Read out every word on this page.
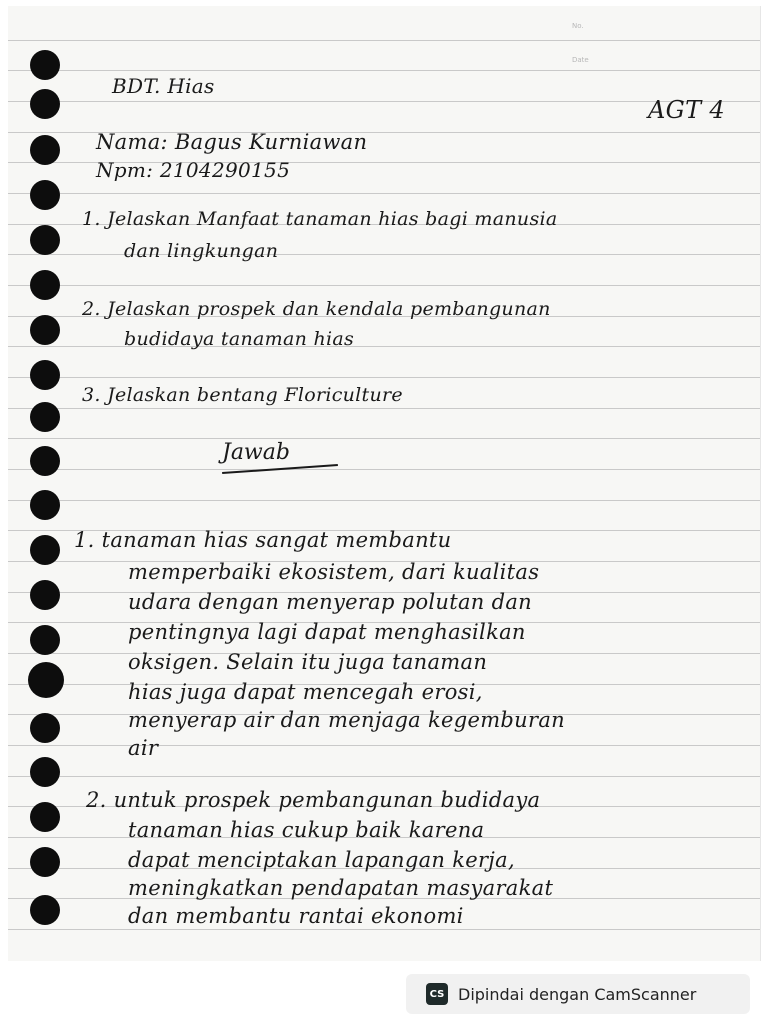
No.
Date
BDT. Hias
AGT 4
Nama: Bagus Kurniawan
Npm: 2104290155
1. Jelaskan Manfaat tanaman hias bagi manusia
dan lingkungan
2. Jelaskan prospek dan kendala pembangunan
budidaya tanaman hias
3. Jelaskan bentang Floriculture
Jawab
1. tanaman hias sangat membantu
memperbaiki ekosistem, dari kualitas
udara dengan menyerap polutan dan
pentingnya lagi dapat menghasilkan
oksigen. Selain itu juga tanaman
hias juga dapat mencegah erosi,
menyerap air dan menjaga kegemburan
air
2. untuk prospek pembangunan budidaya
tanaman hias cukup baik karena
dapat menciptakan lapangan kerja,
meningkatkan pendapatan masyarakat
dan membantu rantai ekonomi
CS Dipindai dengan CamScanner
